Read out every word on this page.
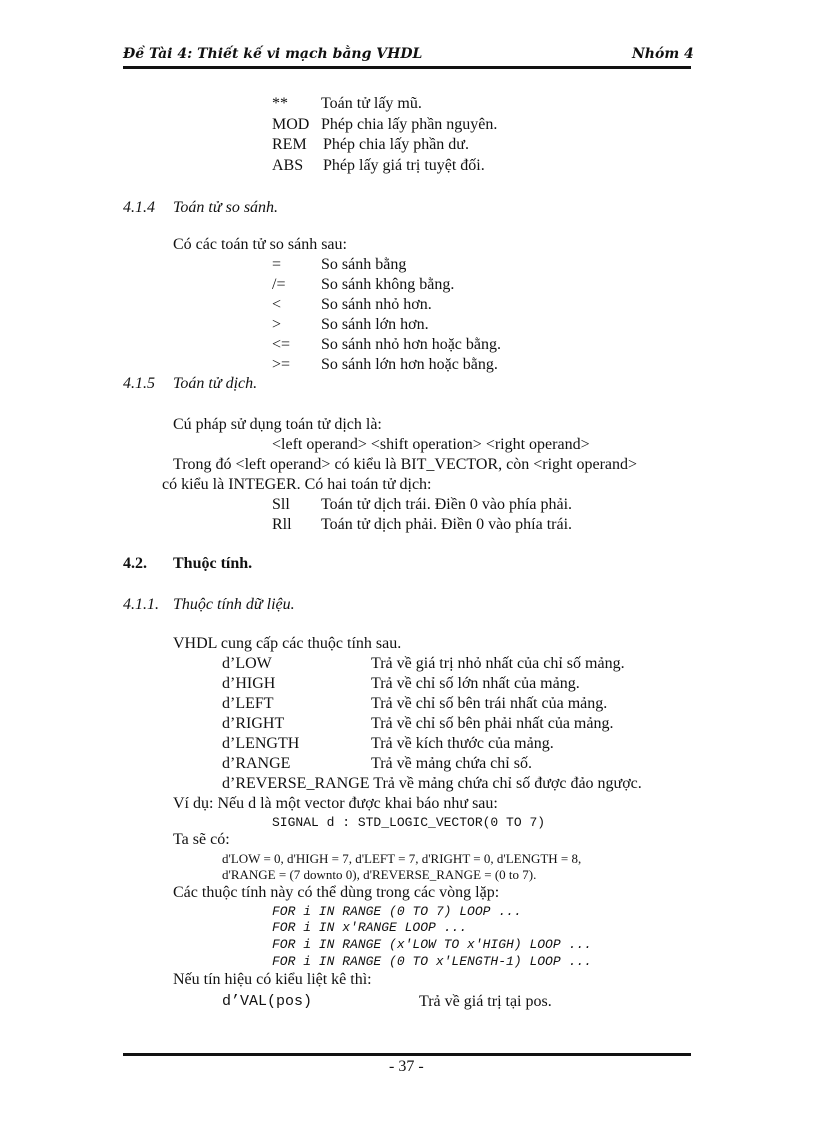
Đề Tài 4: Thiết kế vi mạch bằng VHDL	Nhóm 4
** Toán tử lấy mũ.
MOD Phép chia lấy phần nguyên.
REM Phép chia lấy phần dư.
ABS Phép lấy giá trị tuyệt đối.
4.1.4 Toán tử so sánh.
Có các toán tử so sánh sau:
= So sánh bằng
/= So sánh không bằng.
< So sánh nhỏ hơn.
> So sánh lớn hơn.
<= So sánh nhỏ hơn hoặc bằng.
>= So sánh lớn hơn hoặc bằng.
4.1.5 Toán tử dịch.
Cú pháp sử dụng toán tử dịch là:
<left operand> <shift operation> <right operand>
Trong đó <left operand> có kiểu là BIT_VECTOR, còn <right operand>
có kiểu là INTEGER. Có hai toán tử dịch:
Sll Toán tử dịch trái. Điền 0 vào phía phải.
Rll Toán tử dịch phải. Điền 0 vào phía trái.
4.2. Thuộc tính.
4.1.1. Thuộc tính dữ liệu.
VHDL cung cấp các thuộc tính sau.
d’LOW	Trả về giá trị nhỏ nhất của chỉ số mảng.
d’HIGH	Trả về chỉ số lớn nhất của mảng.
d’LEFT	Trả về chỉ số bên trái nhất của mảng.
d’RIGHT	Trả về chỉ số bên phải nhất của mảng.
d’LENGTH	Trả về kích thước của mảng.
d’RANGE	Trả về mảng chứa chỉ số.
d’REVERSE_RANGE Trả về mảng chứa chỉ số được đảo ngược.
Ví dụ: Nếu d là một vector được khai báo như sau:
SIGNAL d : STD_LOGIC_VECTOR(0 TO 7)
Ta sẽ có:
d'LOW = 0, d'HIGH = 7, d'LEFT = 7, d'RIGHT = 0, d'LENGTH = 8,
d'RANGE = (7 downto 0), d'REVERSE_RANGE = (0 to 7).
Các thuộc tính này có thể dùng trong các vòng lặp:
FOR i IN RANGE (0 TO 7) LOOP ...
FOR i IN x'RANGE LOOP ...
FOR i IN RANGE (x'LOW TO x'HIGH) LOOP ...
FOR i IN RANGE (0 TO x'LENGTH-1) LOOP ...
Nếu tín hiệu có kiểu liệt kê thì:
d’VAL(pos)	Trả về giá trị tại pos.
- 37 -
